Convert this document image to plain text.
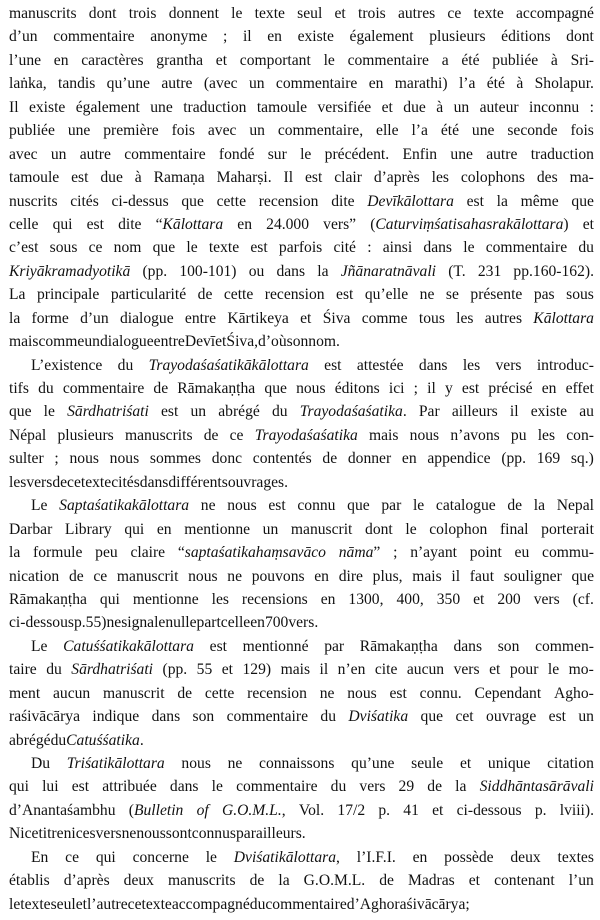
manuscrits dont trois donnent le texte seul et trois autres ce texte accompagné
d’un commentaire anonyme ; il en existe également plusieurs éditions dont
l’une en caractères grantha et comportant le commentaire a été publiée à Sri-
laṅka, tandis qu’une autre (avec un commentaire en marathi) l’a été à Sholapur.
Il existe également une traduction tamoule versifiée et due à un auteur inconnu :
publiée une première fois avec un commentaire, elle l’a été une seconde fois
avec un autre commentaire fondé sur le précédent. Enfin une autre traduction
tamoule est due à Ramaṇa Maharṣi. Il est clair d’après les colophons des ma-
nuscrits cités ci-dessus que cette recension dite Devīkālottara est la même que
celle qui est dite “Kālottara en 24.000 vers” (Caturviṃśatisahasrakālottara) et
c’est sous ce nom que le texte est parfois cité : ainsi dans le commentaire du
Kriyākramadyotikā (pp. 100-101) ou dans la Jñānaratnāvali (T. 231 pp.160-162).
La principale particularité de cette recension est qu’elle ne se présente pas sous
la forme d’un dialogue entre Kārtikeya et Śiva comme tous les autres Kālottara
mais comme un dialogue entre Devī et Śiva, d’où son nom.
L’existence du Trayodaśaśatikākālottara est attestée dans les vers introduc-
tifs du commentaire de Rāmakaṇṭha que nous éditons ici ; il y est précisé en effet
que le Sārdhatriśati est un abrégé du Trayodaśaśatika. Par ailleurs il existe au
Népal plusieurs manuscrits de ce Trayodaśaśatika mais nous n’avons pu les con-
sulter ; nous nous sommes donc contentés de donner en appendice (pp. 169 sq.)
les vers de ce texte cités dans différents ouvrages.
Le Saptaśatikakālottara ne nous est connu que par le catalogue de la Nepal
Darbar Library qui en mentionne un manuscrit dont le colophon final porterait
la formule peu claire “saptaśatikahaṃsavāco nāma” ; n’ayant point eu commu-
nication de ce manuscrit nous ne pouvons en dire plus, mais il faut souligner que
Rāmakaṇṭha qui mentionne les recensions en 1300, 400, 350 et 200 vers (cf.
ci-dessous p. 55) ne signale nulle part celle en 700 vers.
Le Catuśśatikakālottara est mentionné par Rāmakaṇṭha dans son commen-
taire du Sārdhatriśati (pp. 55 et 129) mais il n’en cite aucun vers et pour le mo-
ment aucun manuscrit de cette recension ne nous est connu. Cependant Agho-
raśivācārya indique dans son commentaire du Dviśatika que cet ouvrage est un
abrégé du Catuśśatika.
Du Triśatikālottara nous ne connaissons qu’une seule et unique citation
qui lui est attribuée dans le commentaire du vers 29 de la Siddhāntasārāvali
d’Anantaśambhu (Bulletin of G.O.M.L., Vol. 17/2 p. 41 et ci-dessous p. lviii).
Ni ce titre ni ces vers ne nous sont connus par ailleurs.
En ce qui concerne le Dviśatikālottara, l’I.F.I. en possède deux textes
établis d’après deux manuscrits de la G.O.M.L. de Madras et contenant l’un
le texte seul et l’autre ce texte accompagné du commentaire d’Aghoraśivācārya ;
